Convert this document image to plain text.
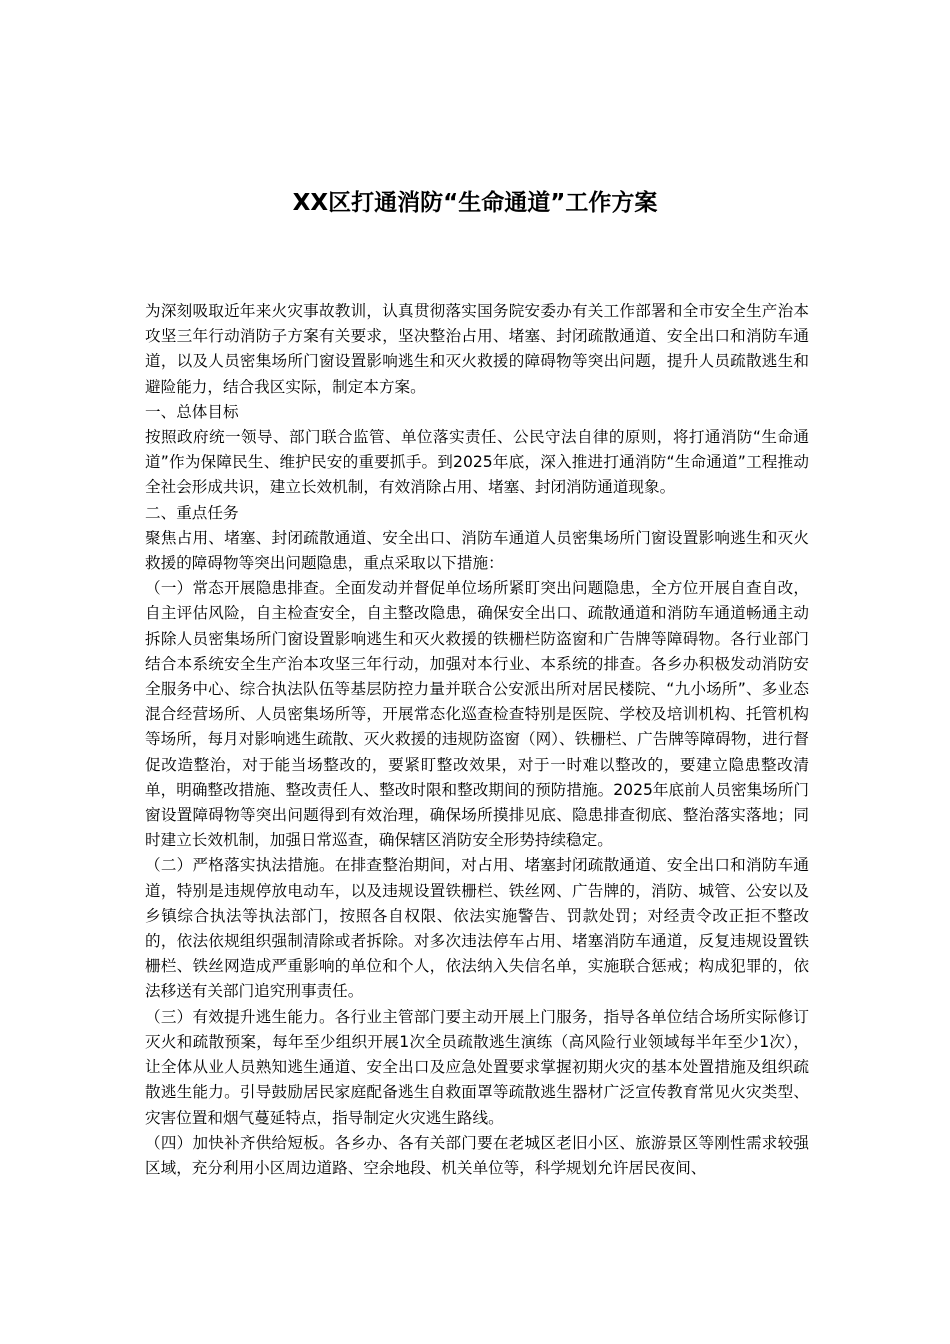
XX区打通消防“生命通道”工作方案

为深刻吸取近年来火灾事故教训，认真贯彻落实国务院安委办有关工作部署和全市安全生产治本攻坚三年行动消防子方案有关要求，坚决整治占用、堵塞、封闭疏散通道、安全出口和消防车通道，以及人员密集场所门窗设置影响逃生和灭火救援的障碍物等突出问题，提升人员疏散逃生和避险能力，结合我区实际，制定本方案。

一、总体目标

按照政府统一领导、部门联合监管、单位落实责任、公民守法自律的原则，将打通消防“生命通道”作为保障民生、维护民安的重要抓手。到2025年底，深入推进打通消防“生命通道”工程推动全社会形成共识，建立长效机制，有效消除占用、堵塞、封闭消防通道现象。

二、重点任务

聚焦占用、堵塞、封闭疏散通道、安全出口、消防车通道人员密集场所门窗设置影响逃生和灭火救援的障碍物等突出问题隐患，重点采取以下措施：

（一）常态开展隐患排查。全面发动并督促单位场所紧盯突出问题隐患，全方位开展自查自改，自主评估风险，自主检查安全，自主整改隐患，确保安全出口、疏散通道和消防车通道畅通主动拆除人员密集场所门窗设置影响逃生和灭火救援的铁栅栏防盗窗和广告牌等障碍物。各行业部门结合本系统安全生产治本攻坚三年行动，加强对本行业、本系统的排查。各乡办积极发动消防安全服务中心、综合执法队伍等基层防控力量并联合公安派出所对居民楼院、“九小场所”、多业态混合经营场所、人员密集场所等，开展常态化巡查检查特别是医院、学校及培训机构、托管机构等场所，每月对影响逃生疏散、灭火救援的违规防盗窗（网）、铁栅栏、广告牌等障碍物，进行督促改造整治，对于能当场整改的，要紧盯整改效果，对于一时难以整改的，要建立隐患整改清单，明确整改措施、整改责任人、整改时限和整改期间的预防措施。2025年底前人员密集场所门窗设置障碍物等突出问题得到有效治理，确保场所摸排见底、隐患排查彻底、整治落实落地；同时建立长效机制，加强日常巡查，确保辖区消防安全形势持续稳定。

（二）严格落实执法措施。在排查整治期间，对占用、堵塞封闭疏散通道、安全出口和消防车通道，特别是违规停放电动车，以及违规设置铁栅栏、铁丝网、广告牌的，消防、城管、公安以及乡镇综合执法等执法部门，按照各自权限、依法实施警告、罚款处罚；对经责令改正拒不整改的，依法依规组织强制清除或者拆除。对多次违法停车占用、堵塞消防车通道，反复违规设置铁栅栏、铁丝网造成严重影响的单位和个人，依法纳入失信名单，实施联合惩戒；构成犯罪的，依法移送有关部门追究刑事责任。

（三）有效提升逃生能力。各行业主管部门要主动开展上门服务，指导各单位结合场所实际修订灭火和疏散预案，每年至少组织开展1次全员疏散逃生演练（高风险行业领域每半年至少1次），让全体从业人员熟知逃生通道、安全出口及应急处置要求掌握初期火灾的基本处置措施及组织疏散逃生能力。引导鼓励居民家庭配备逃生自救面罩等疏散逃生器材广泛宣传教育常见火灾类型、灾害位置和烟气蔓延特点，指导制定火灾逃生路线。

（四）加快补齐供给短板。各乡办、各有关部门要在老城区老旧小区、旅游景区等刚性需求较强区域，充分利用小区周边道路、空余地段、机关单位等，科学规划允许居民夜间、
